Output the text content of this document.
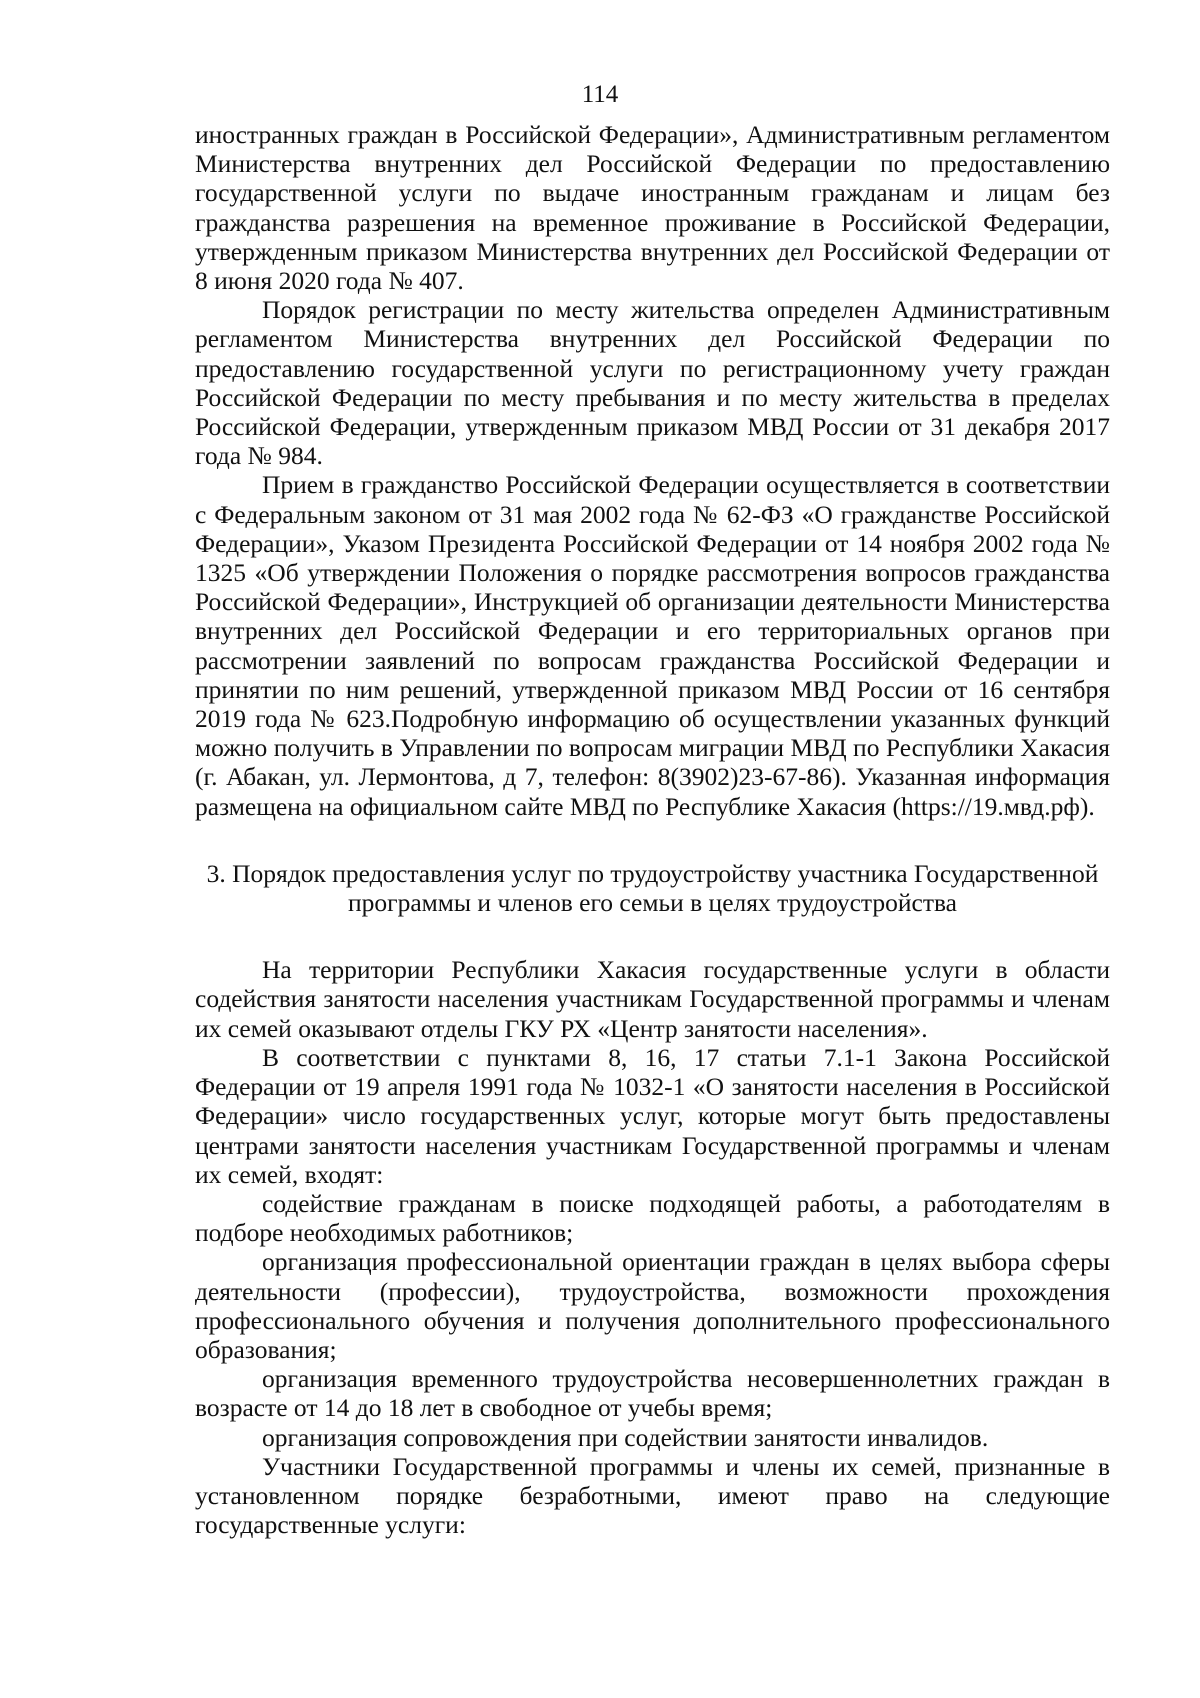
114

иностранных граждан в Российской Федерации», Административным регламентом Министерства внутренних дел Российской Федерации по предоставлению государственной услуги по выдаче иностранным гражданам и лицам без гражданства разрешения на временное проживание в Российской Федерации, утвержденным приказом Министерства внутренних дел Российской Федерации от 8 июня 2020 года № 407.

Порядок регистрации по месту жительства определен Административным регламентом Министерства внутренних дел Российской Федерации по предоставлению государственной услуги по регистрационному учету граждан Российской Федерации по месту пребывания и по месту жительства в пределах Российской Федерации, утвержденным приказом МВД России от 31 декабря 2017 года № 984.

Прием в гражданство Российской Федерации осуществляется в соответствии с Федеральным законом от 31 мая 2002 года № 62-ФЗ «О гражданстве Российской Федерации», Указом Президента Российской Федерации от 14 ноября 2002 года № 1325 «Об утверждении Положения о порядке рассмотрения вопросов гражданства Российской Федерации», Инструкцией об организации деятельности Министерства внутренних дел Российской Федерации и его территориальных органов при рассмотрении заявлений по вопросам гражданства Российской Федерации и принятии по ним решений, утвержденной приказом МВД России от 16 сентября 2019 года № 623.Подробную информацию об осуществлении указанных функций можно получить в Управлении по вопросам миграции МВД по Республики Хакасия (г. Абакан, ул. Лермонтова, д 7, телефон: 8(3902)23-67-86). Указанная информация размещена на официальном сайте МВД по Республике Хакасия (https://19.мвд.рф).

3. Порядок предоставления услуг по трудоустройству участника Государственной программы и членов его семьи в целях трудоустройства

На территории Республики Хакасия государственные услуги в области содействия занятости населения участникам Государственной программы и членам их семей оказывают отделы ГКУ РХ «Центр занятости населения».

В соответствии с пунктами 8, 16, 17 статьи 7.1-1 Закона Российской Федерации от 19 апреля 1991 года № 1032-1 «О занятости населения в Российской Федерации» число государственных услуг, которые могут быть предоставлены центрами занятости населения участникам Государственной программы и членам их семей, входят:

содействие гражданам в поиске подходящей работы, а работодателям в подборе необходимых работников;

организация профессиональной ориентации граждан в целях выбора сферы деятельности (профессии), трудоустройства, возможности прохождения профессионального обучения и получения дополнительного профессионального образования;

организация временного трудоустройства несовершеннолетних граждан в возрасте от 14 до 18 лет в свободное от учебы время;

организация сопровождения при содействии занятости инвалидов.

Участники Государственной программы и члены их семей, признанные в установленном порядке безработными, имеют право на следующие государственные услуги:
